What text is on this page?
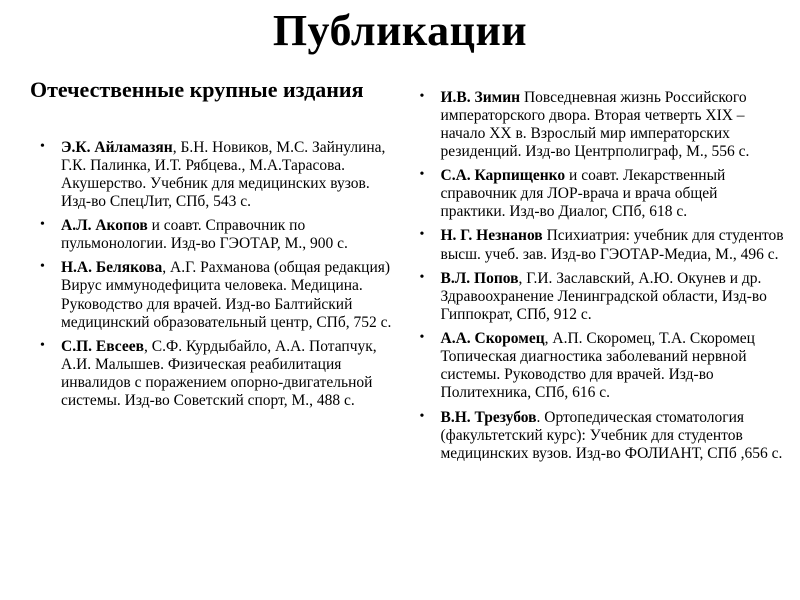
Публикации
Отечественные крупные издания
•	Э.К. Айламазян, Б.Н. Новиков, М.С. Зайнулина, Г.К. Палинка, И.Т. Рябцева., М.А.Тарасова. Акушерство. Учебник для медицинских вузов. Изд-во СпецЛит, СПб, 543 с.
•	А.Л. Акопов и соавт. Справочник по пульмонологии. Изд-во ГЭОТАР, М., 900 с.
•	Н.А. Белякова, А.Г. Рахманова (общая редакция) Вирус иммунодефицита человека. Медицина. Руководство для врачей. Изд-во Балтийский медицинский образовательный центр, СПб, 752 с.
•	С.П. Евсеев, С.Ф. Курдыбайло, А.А. Потапчук, А.И. Малышев. Физическая реабилитация инвалидов с поражением опорно-двигательной системы. Изд-во Советский спорт, М., 488 с.
•	И.В. Зимин Повседневная жизнь Российского императорского двора. Вторая четверть XIX – начало XX в. Взрослый мир императорских резиденций. Изд-во Центрполиграф, М., 556 с.
•	С.А. Карпищенко и соавт. Лекарственный справочник для ЛОР-врача и врача общей практики. Изд-во Диалог, СПб, 618 с.
•	Н. Г. Незнанов Психиатрия: учебник для студентов высш. учеб. зав. Изд-во ГЭОТАР-Медиа, М., 496 с.
•	В.Л. Попов, Г.И. Заславский, А.Ю. Окунев и др. Здравоохранение Ленинградской области, Изд-во Гиппократ, СПб, 912 с.
•	А.А. Скоромец, А.П. Скоромец, Т.А. Скоромец Топическая диагностика заболеваний нервной системы. Руководство для врачей. Изд-во Политехника, СПб, 616 с.
•	В.Н. Трезубов. Ортопедическая стоматология (факультетский курс): Учебник для студентов медицинских вузов. Изд-во ФОЛИАНТ, СПб ,656 с.
